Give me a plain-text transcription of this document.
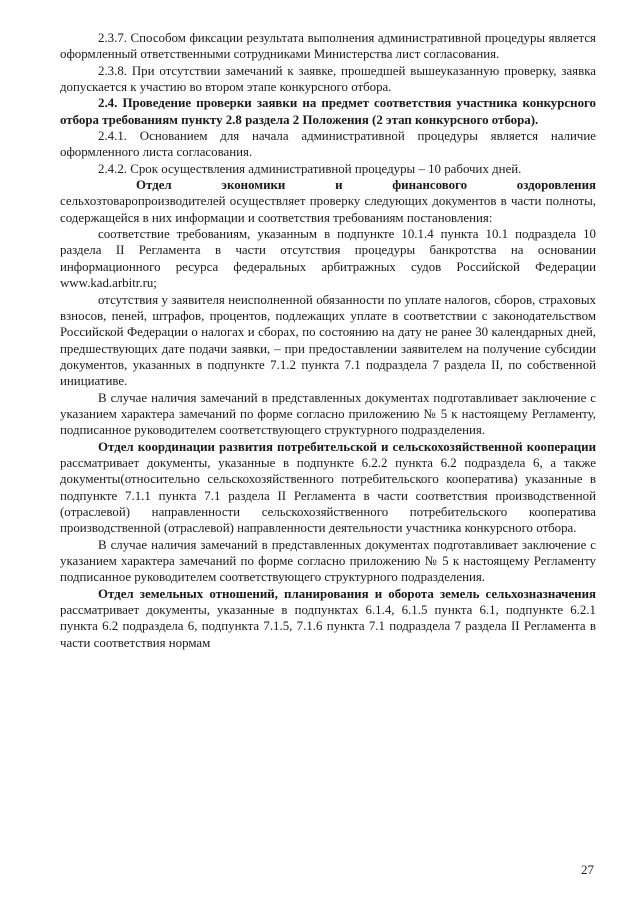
2.3.7. Способом фиксации результата выполнения административной процедуры является оформленный ответственными сотрудниками Министерства лист согласования.

2.3.8. При отсутствии замечаний к заявке, прошедшей вышеуказанную проверку, заявка допускается к участию во втором этапе конкурсного отбора.

2.4. Проведение проверки заявки на предмет соответствия участника конкурсного отбора требованиям пункту 2.8 раздела 2 Положения (2 этап конкурсного отбора).

2.4.1. Основанием для начала административной процедуры является наличие оформленного листа согласования.

2.4.2. Срок осуществления административной процедуры – 10 рабочих дней.

Отдел экономики и финансового оздоровлениясельхозтоваропроизводителей осуществляет проверку следующих документов в части полноты, содержащейся в них информации и соответствия требованиям постановления:

соответствие требованиям, указанным в подпункте 10.1.4 пункта 10.1 подраздела 10 раздела II Регламента в части отсутствия процедуры банкротства на основании информационного ресурса федеральных арбитражных судов Российской Федерации www.kad.arbitr.ru;

отсутствия у заявителя неисполненной обязанности по уплате налогов, сборов, страховых взносов, пеней, штрафов, процентов, подлежащих уплате в соответствии с законодательством Российской Федерации о налогах и сборах, по состоянию на дату не ранее 30 календарных дней, предшествующих дате подачи заявки, – при предоставлении заявителем на получение субсидии документов, указанных в подпункте 7.1.2 пункта 7.1 подраздела 7 раздела II, по собственной инициативе.

В случае наличия замечаний в представленных документах подготавливает заключение с указанием характера замечаний по форме согласно приложению № 5 к настоящему Регламенту, подписанное руководителем соответствующего структурного подразделения.

Отдел координации развития потребительской и сельскохозяйственной кооперации рассматривает документы, указанные в подпункте 6.2.2 пункта 6.2 подраздела 6, а также документы(относительно сельскохозяйственного потребительского кооператива) указанные в подпункте 7.1.1 пункта 7.1 раздела II Регламента в части соответствия производственной (отраслевой) направленности сельскохозяйственного потребительского кооператива производственной (отраслевой) направленности деятельности участника конкурсного отбора.

В случае наличия замечаний в представленных документах подготавливает заключение с указанием характера замечаний по форме согласно приложению № 5 к настоящему Регламенту подписанное руководителем соответствующего структурного подразделения.

Отдел земельных отношений, планирования и оборота земель сельхозназначения рассматривает документы, указанные в подпунктах 6.1.4, 6.1.5 пункта 6.1, подпункте 6.2.1 пункта 6.2 подраздела 6, подпункта 7.1.5, 7.1.6 пункта 7.1 подраздела 7 раздела II Регламента в части соответствия нормам

27
